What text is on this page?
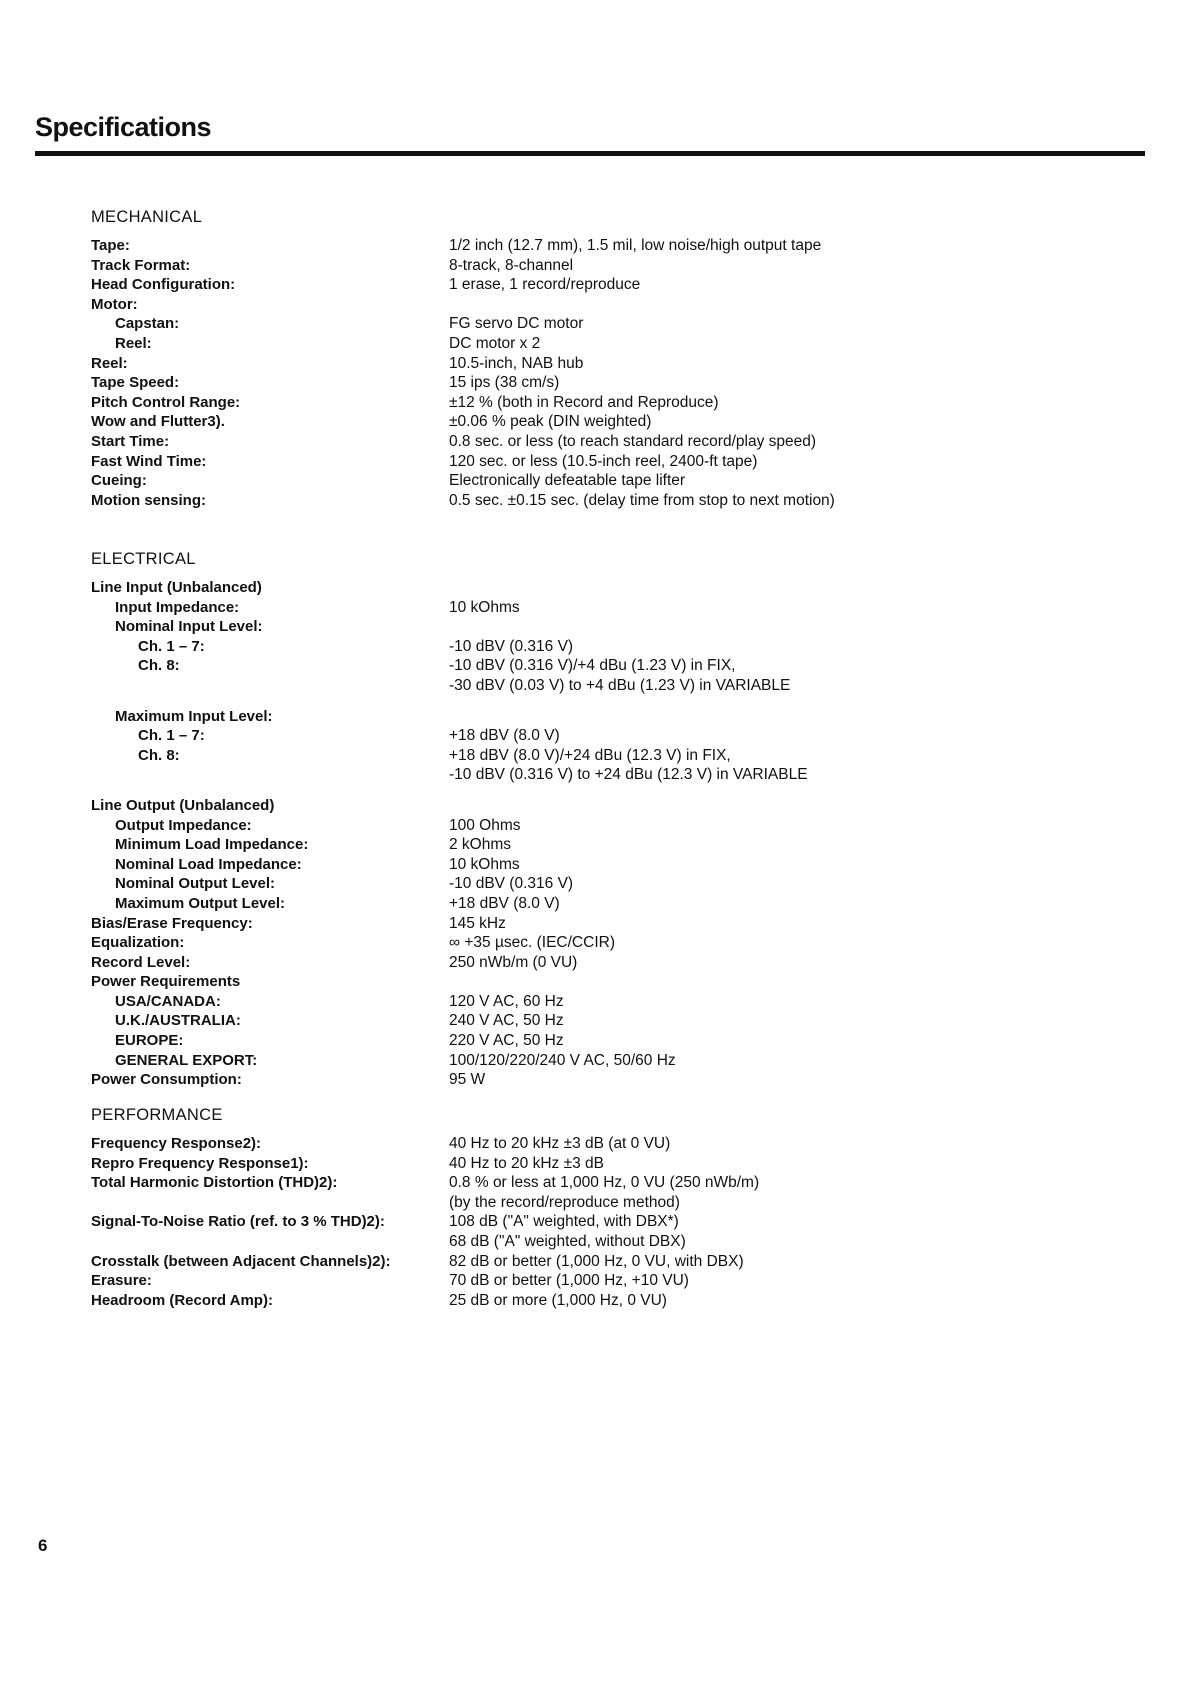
Specifications
MECHANICAL
Tape:	1/2 inch (12.7 mm), 1.5 mil, low noise/high output tape
Track Format:	8-track, 8-channel
Head Configuration:	1 erase, 1 record/reproduce
Motor:
Capstan:	FG servo DC motor
Reel:	DC motor x 2
Reel:	10.5-inch, NAB hub
Tape Speed:	15 ips (38 cm/s)
Pitch Control Range:	±12 % (both in Record and Reproduce)
Wow and Flutter3).	±0.06 % peak (DIN weighted)
Start Time:	0.8 sec. or less (to reach standard record/play speed)
Fast Wind Time:	120 sec. or less (10.5-inch reel, 2400-ft tape)
Cueing:	Electronically defeatable tape lifter
Motion sensing:	0.5 sec. ±0.15 sec. (delay time from stop to next motion)
ELECTRICAL
Line Input (Unbalanced)
Input Impedance:	10 kOhms
Nominal Input Level:
Ch. 1 – 7:	-10 dBV (0.316 V)
Ch. 8:	-10 dBV (0.316 V)/+4 dBu (1.23 V) in FIX,
-30 dBV (0.03 V) to +4 dBu (1.23 V) in VARIABLE
Maximum Input Level:
Ch. 1 – 7:	+18 dBV (8.0 V)
Ch. 8:	+18 dBV (8.0 V)/+24 dBu (12.3 V) in FIX,
-10 dBV (0.316 V) to +24 dBu (12.3 V) in VARIABLE
Line Output (Unbalanced)
Output Impedance:	100 Ohms
Minimum Load Impedance:	2 kOhms
Nominal Load Impedance:	10 kOhms
Nominal Output Level:	-10 dBV (0.316 V)
Maximum Output Level:	+18 dBV (8.0 V)
Bias/Erase Frequency:	145 kHz
Equalization:	∞ +35 µsec. (IEC/CCIR)
Record Level:	250 nWb/m (0 VU)
Power Requirements
USA/CANADA:	120 V AC, 60 Hz
U.K./AUSTRALIA:	240 V AC, 50 Hz
EUROPE:	220 V AC, 50 Hz
GENERAL EXPORT:	100/120/220/240 V AC, 50/60 Hz
Power Consumption:	95 W
PERFORMANCE
Frequency Response2):	40 Hz to 20 kHz ±3 dB (at 0 VU)
Repro Frequency Response1):	40 Hz to 20 kHz ±3 dB
Total Harmonic Distortion (THD)2):	0.8 % or less at 1,000 Hz, 0 VU (250 nWb/m)
(by the record/reproduce method)
Signal-To-Noise Ratio (ref. to 3 % THD)2):	108 dB ("A" weighted, with DBX*)
68 dB ("A" weighted, without DBX)
Crosstalk (between Adjacent Channels)2):	82 dB or better (1,000 Hz, 0 VU, with DBX)
Erasure:	70 dB or better (1,000 Hz, +10 VU)
Headroom (Record Amp):	25 dB or more (1,000 Hz, 0 VU)
6
